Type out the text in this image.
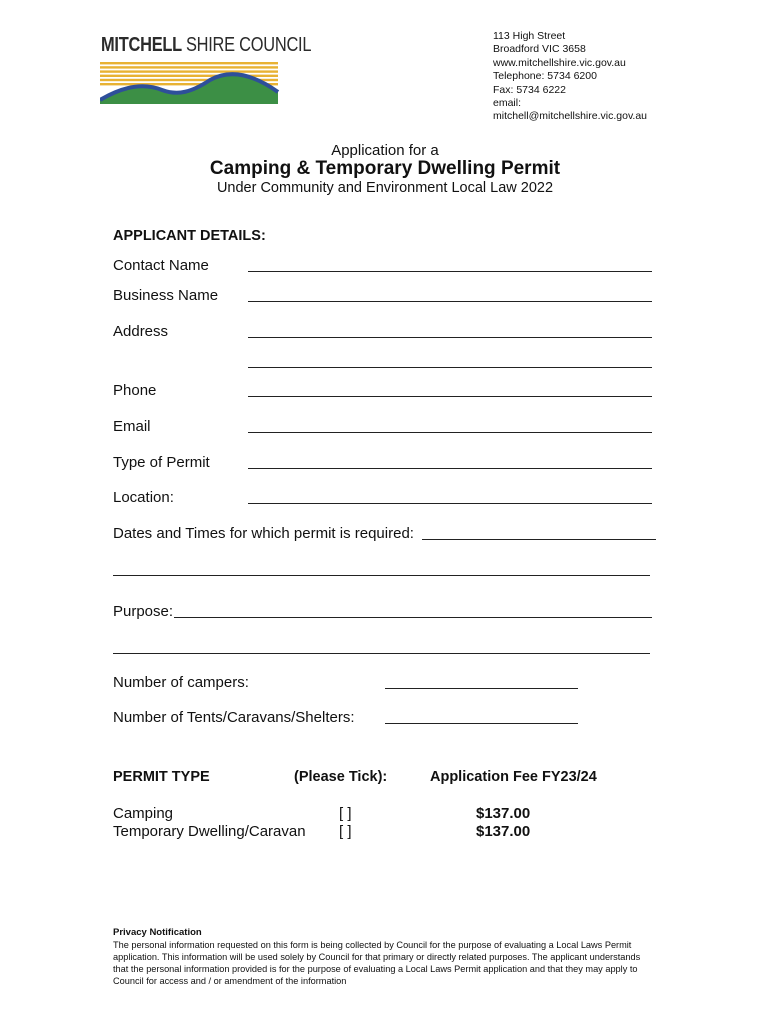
MITCHELL SHIRE COUNCIL	113 High Street
Broadford VIC 3658
www.mitchellshire.vic.gov.au
Telephone: 5734 6200
Fax: 5734 6222
email:
mitchell@mitchellshire.vic.gov.au
Application for a
Camping & Temporary Dwelling Permit
Under Community and Environment Local Law 2022
APPLICANT DETAILS:
Contact Name
Business Name
Address
Phone
Email
Type of Permit
Location:
Dates and Times for which permit is required:
Purpose:
Number of campers:
Number of Tents/Caravans/Shelters:
PERMIT TYPE	(Please Tick):	Application Fee FY23/24
Camping	[ ]	$137.00
Temporary Dwelling/Caravan [ ]	$137.00
Privacy Notification
The personal information requested on this form is being collected by Council for the purpose of evaluating a Local Laws Permit application. This information will be used solely by Council for that primary or directly related purposes. The applicant understands that the personal information provided is for the purpose of evaluating a Local Laws Permit application and that they may apply to Council for access and / or amendment of the information
